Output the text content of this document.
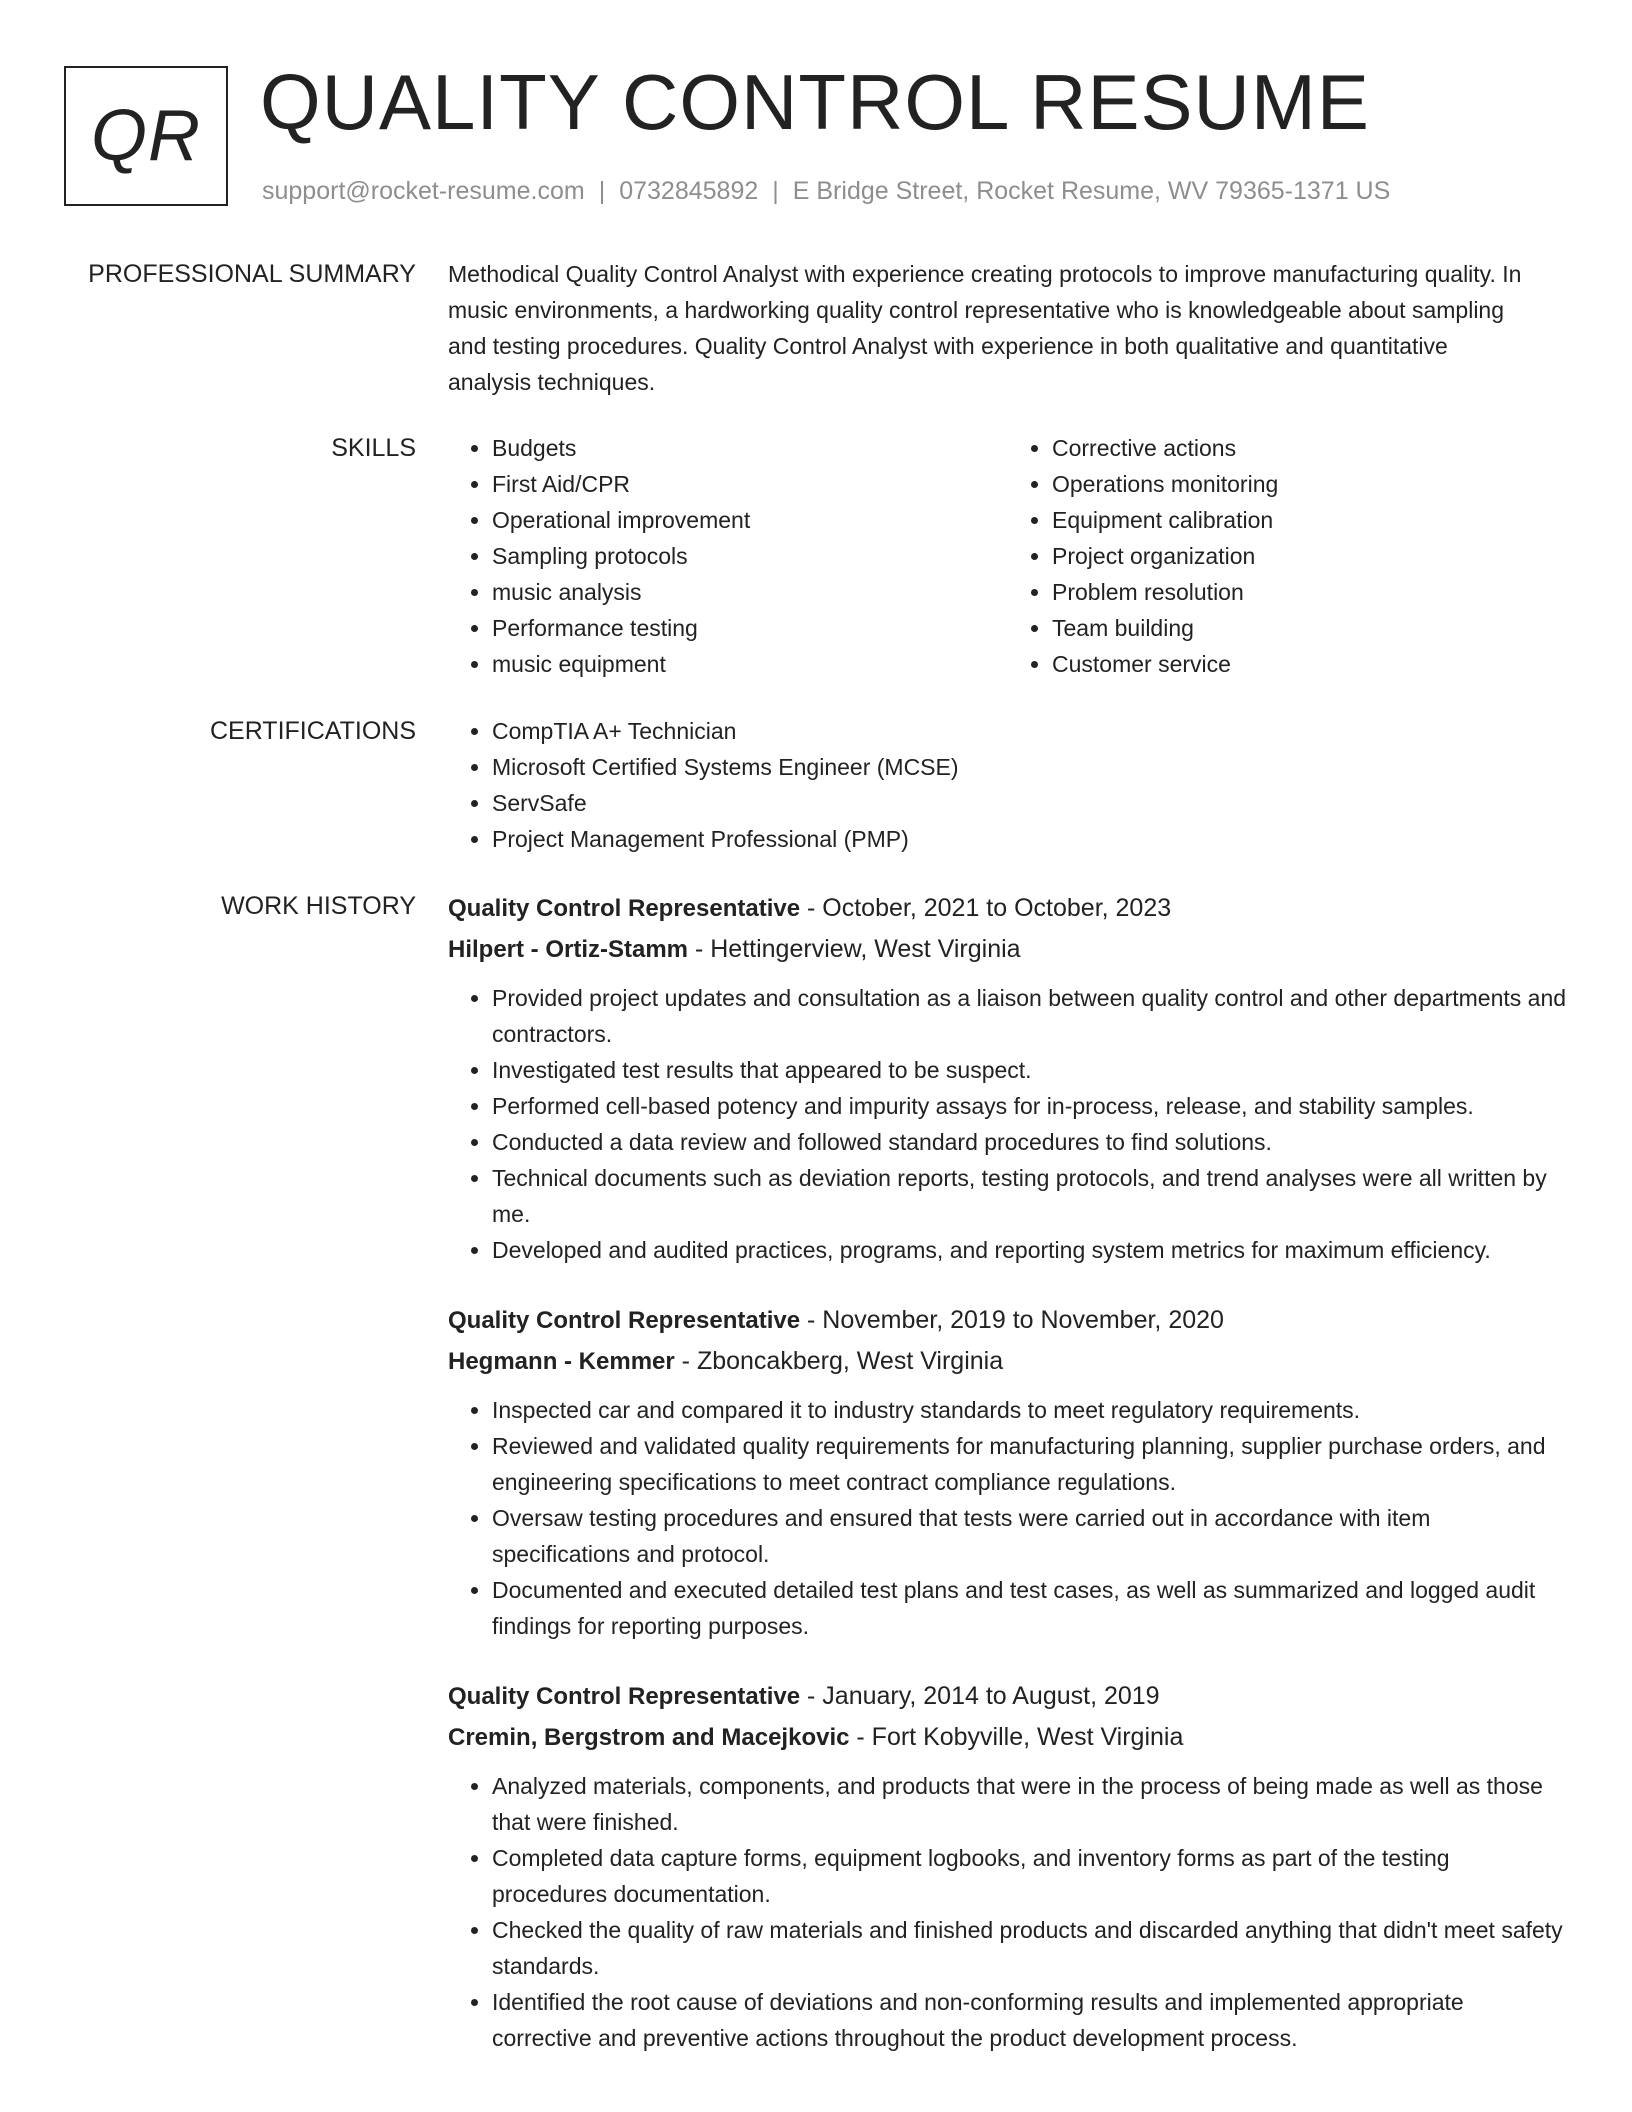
QR QUALITY CONTROL RESUME
support@rocket-resume.com | 0732845892 | E Bridge Street, Rocket Resume, WV 79365-1371 US
PROFESSIONAL SUMMARY Methodical Quality Control Analyst with experience creating protocols to improve manufacturing quality. In music environments, a hardworking quality control representative who is knowledgeable about sampling and testing procedures. Quality Control Analyst with experience in both qualitative and quantitative analysis techniques.

SKILLS	• Budgets
• First Aid/CPR
• Operational improvement
• Sampling protocols
• music analysis
• Performance testing
• music equipment
• Corrective actions
• Operations monitoring
• Equipment calibration
• Project organization
• Problem resolution
• Team building
• Customer service
CERTIFICATIONS	• CompTIA A+ Technician
• Microsoft Certified Systems Engineer (MCSE)
• ServSafe
• Project Management Professional (PMP)
WORK HISTORY Quality Control Representative - October, 2021 to October, 2023
Hilpert - Ortiz-Stamm - Hettingerview, West Virginia
• Provided project updates and consultation as a liaison between quality control and other departments and contractors.
• Investigated test results that appeared to be suspect.
• Performed cell-based potency and impurity assays for in-process, release, and stability samples.
• Conducted a data review and followed standard procedures to find solutions.
• Technical documents such as deviation reports, testing protocols, and trend analyses were all written by me.
• Developed and audited practices, programs, and reporting system metrics for maximum efficiency.
Quality Control Representative - November, 2019 to November, 2020
Hegmann - Kemmer - Zboncakberg, West Virginia
• Inspected car and compared it to industry standards to meet regulatory requirements.
• Reviewed and validated quality requirements for manufacturing planning, supplier purchase orders, and engineering specifications to meet contract compliance regulations.
• Oversaw testing procedures and ensured that tests were carried out in accordance with item specifications and protocol.
• Documented and executed detailed test plans and test cases, as well as summarized and logged audit findings for reporting purposes.
Quality Control Representative - January, 2014 to August, 2019
Cremin, Bergstrom and Macejkovic - Fort Kobyville, West Virginia
• Analyzed materials, components, and products that were in the process of being made as well as those that were finished.
• Completed data capture forms, equipment logbooks, and inventory forms as part of the testing procedures documentation.
• Checked the quality of raw materials and finished products and discarded anything that didn't meet safety standards.
• Identified the root cause of deviations and non-conforming results and implemented appropriate corrective and preventive actions throughout the product development process.
